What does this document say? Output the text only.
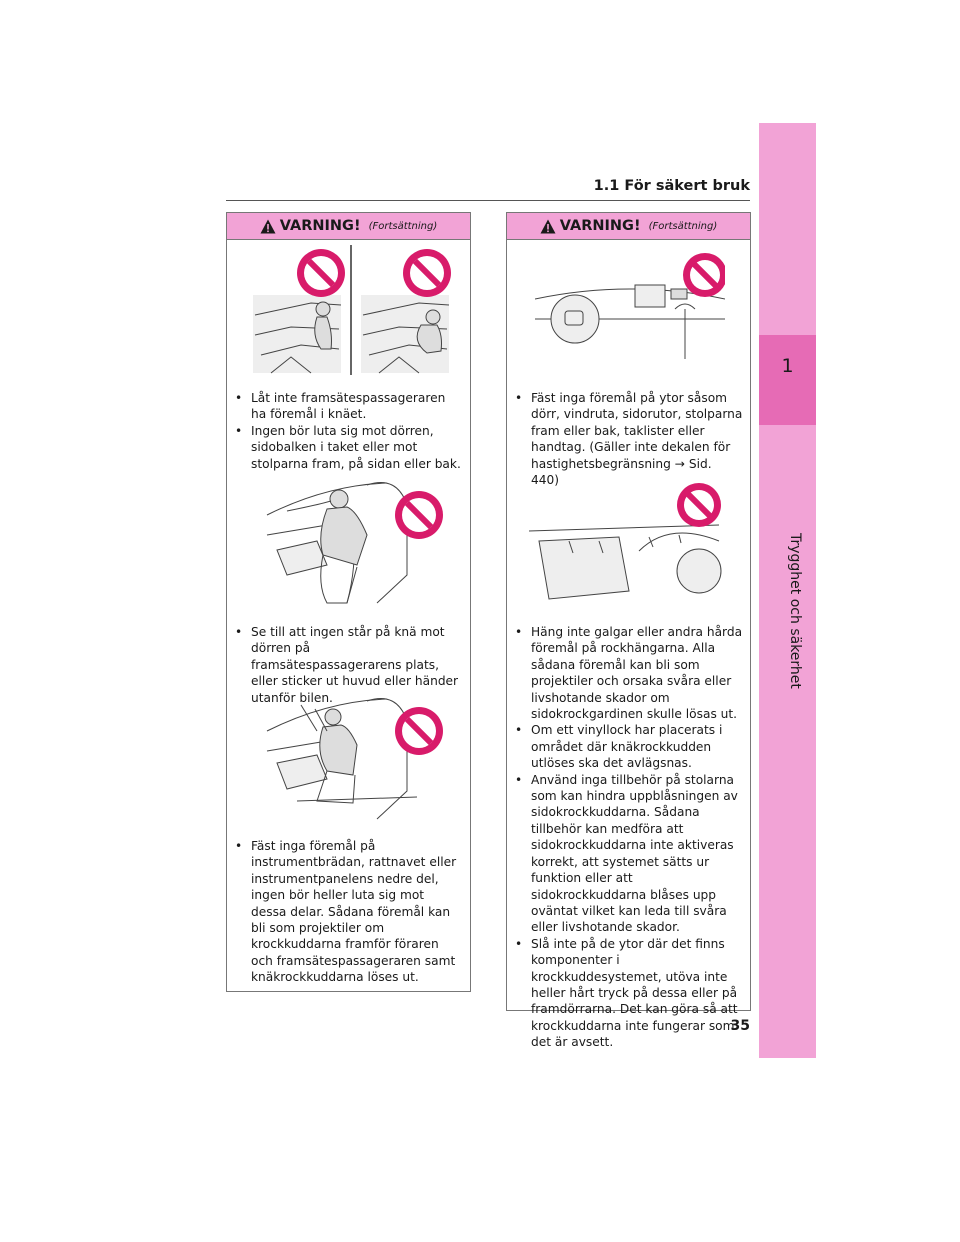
1
Trygghet och säkerhet
1.1 För säkert bruk
VARNING! (Fortsättning)
• Låt inte framsätespassageraren ha föremål i knäet.
• Ingen bör luta sig mot dörren, sidobalken i taket eller mot stolparna fram, på sidan eller bak.
• Se till att ingen står på knä mot dörren på framsätespassagerarens plats, eller sticker ut huvud eller händer utanför bilen.
• Fäst inga föremål på instrumentbrädan, rattnavet eller instrumentpanelens nedre del, ingen bör heller luta sig mot dessa delar. Sådana föremål kan bli som projektiler om krockkuddarna framför föraren och framsätespassageraren samt knäkrockkuddarna löses ut.
VARNING! (Fortsättning)
• Fäst inga föremål på ytor såsom dörr, vindruta, sidorutor, stolparna fram eller bak, taklister eller handtag. (Gäller inte dekalen för hastighetsbegränsning → Sid. 440)
• Häng inte galgar eller andra hårda föremål på rockhängarna. Alla sådana föremål kan bli som projektiler och orsaka svåra eller livshotande skador om sidokrockgardinen skulle lösas ut.
• Om ett vinyllock har placerats i området där knäkrockkudden utlöses ska det avlägsnas.
• Använd inga tillbehör på stolarna som kan hindra uppblåsningen av sidokrockkuddarna. Sådana tillbehör kan medföra att sidokrockkuddarna inte aktiveras korrekt, att systemet sätts ur funktion eller att sidokrockkuddarna blåses upp oväntat vilket kan leda till svåra eller livshotande skador.
• Slå inte på de ytor där det finns komponenter i krockkuddesystemet, utöva inte heller hårt tryck på dessa eller på framdörrarna. Det kan göra så att krockkuddarna inte fungerar som det är avsett.
35
